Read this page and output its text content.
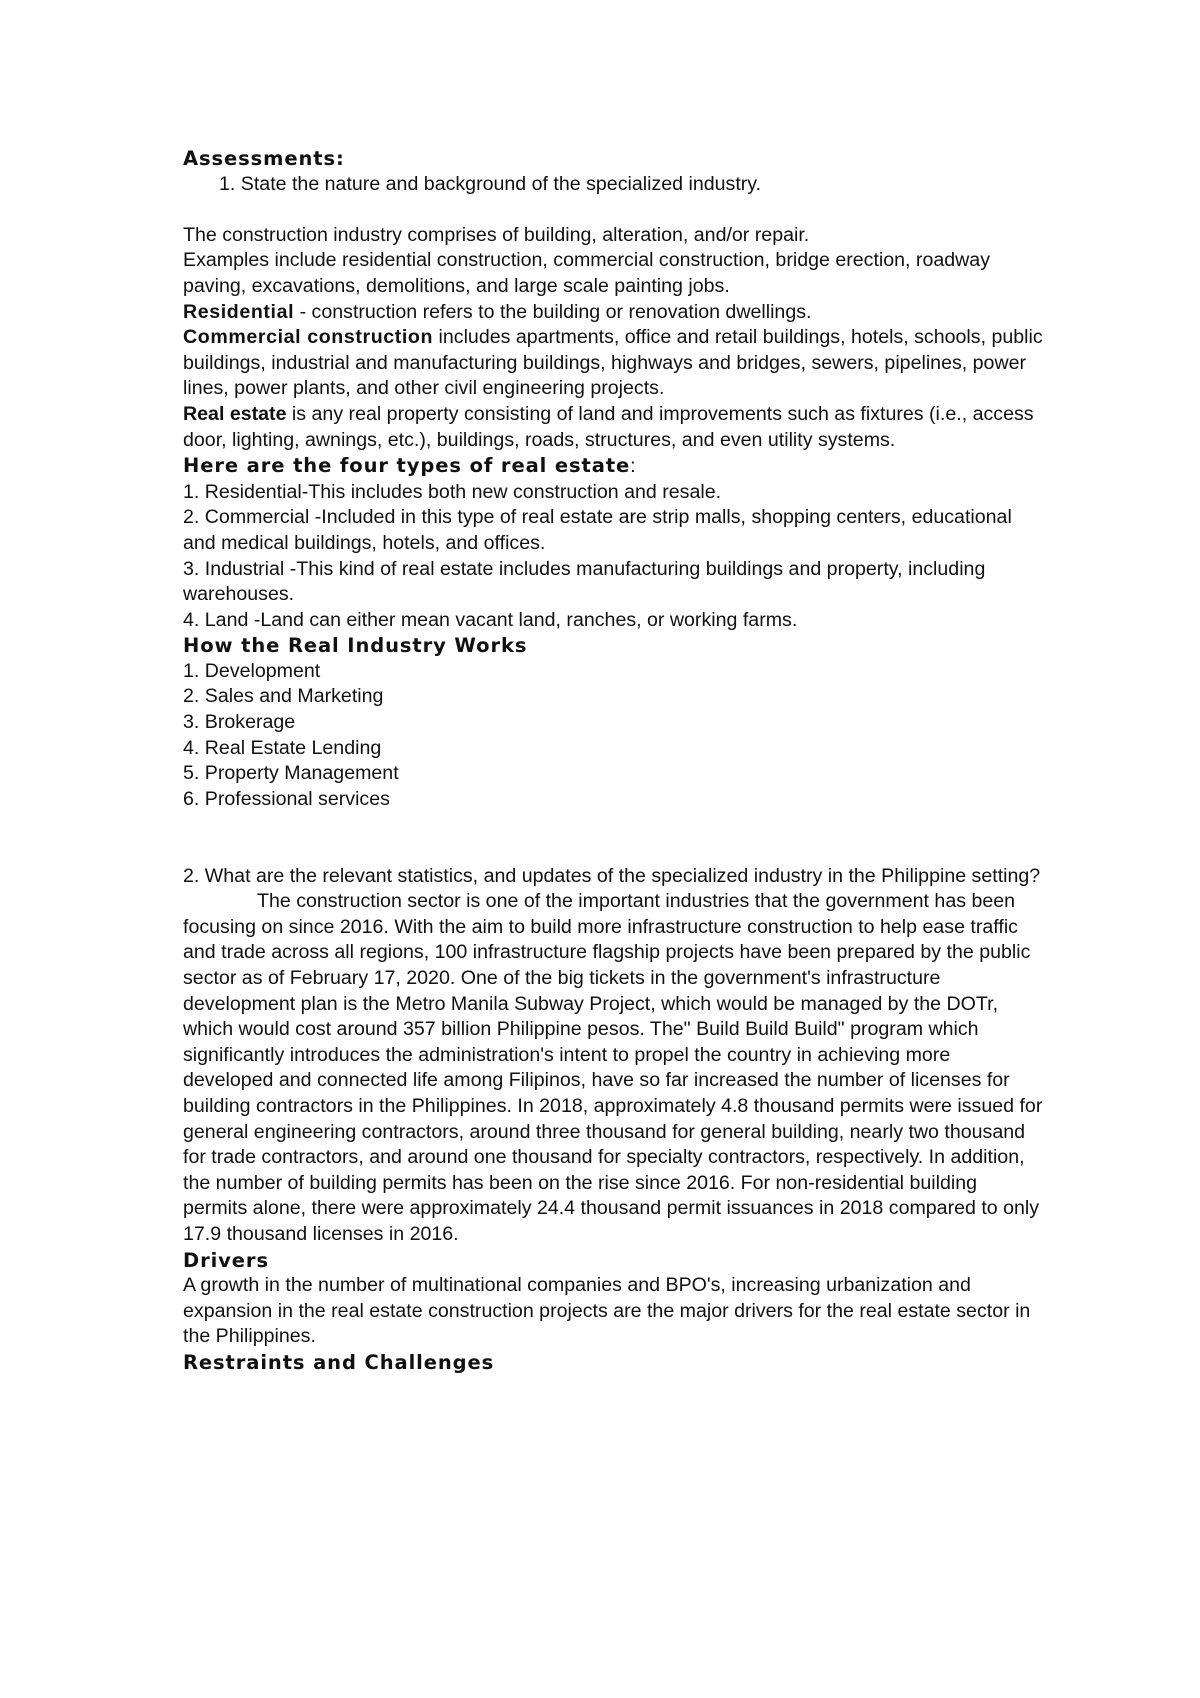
Assessments:
1. State the nature and background of the specialized industry.
The construction industry comprises of building, alteration, and/or repair.
Examples include residential construction, commercial construction, bridge erection, roadway paving, excavations, demolitions, and large scale painting jobs.
Residential - construction refers to the building or renovation dwellings.
Commercial construction includes apartments, office and retail buildings, hotels, schools, public buildings, industrial and manufacturing buildings, highways and bridges, sewers, pipelines, power lines, power plants, and other civil engineering projects.
Real estate is any real property consisting of land and improvements such as fixtures (i.e., access door, lighting, awnings, etc.), buildings, roads, structures, and even utility systems.
Here are the four types of real estate:
1. Residential-This includes both new construction and resale.
2. Commercial -Included in this type of real estate are strip malls, shopping centers, educational and medical buildings, hotels, and offices.
3. Industrial -This kind of real estate includes manufacturing buildings and property, including warehouses.
4. Land -Land can either mean vacant land, ranches, or working farms.
How the Real Industry Works
1. Development
2. Sales and Marketing
3. Brokerage
4. Real Estate Lending
5. Property Management
6. Professional services
2. What are the relevant statistics, and updates of the specialized industry in the Philippine setting?
The construction sector is one of the important industries that the government has been focusing on since 2016. With the aim to build more infrastructure construction to help ease traffic and trade across all regions, 100 infrastructure flagship projects have been prepared by the public sector as of February 17, 2020. One of the big tickets in the government's infrastructure development plan is the Metro Manila Subway Project, which would be managed by the DOTr, which would cost around 357 billion Philippine pesos. The" Build Build Build" program which significantly introduces the administration's intent to propel the country in achieving more developed and connected life among Filipinos, have so far increased the number of licenses for building contractors in the Philippines. In 2018, approximately 4.8 thousand permits were issued for general engineering contractors, around three thousand for general building, nearly two thousand for trade contractors, and around one thousand for specialty contractors, respectively. In addition, the number of building permits has been on the rise since 2016. For non-residential building permits alone, there were approximately 24.4 thousand permit issuances in 2018 compared to only 17.9 thousand licenses in 2016.
Drivers
A growth in the number of multinational companies and BPO's, increasing urbanization and
expansion in the real estate construction projects are the major drivers for the real estate sector in the Philippines.
Restraints and Challenges
